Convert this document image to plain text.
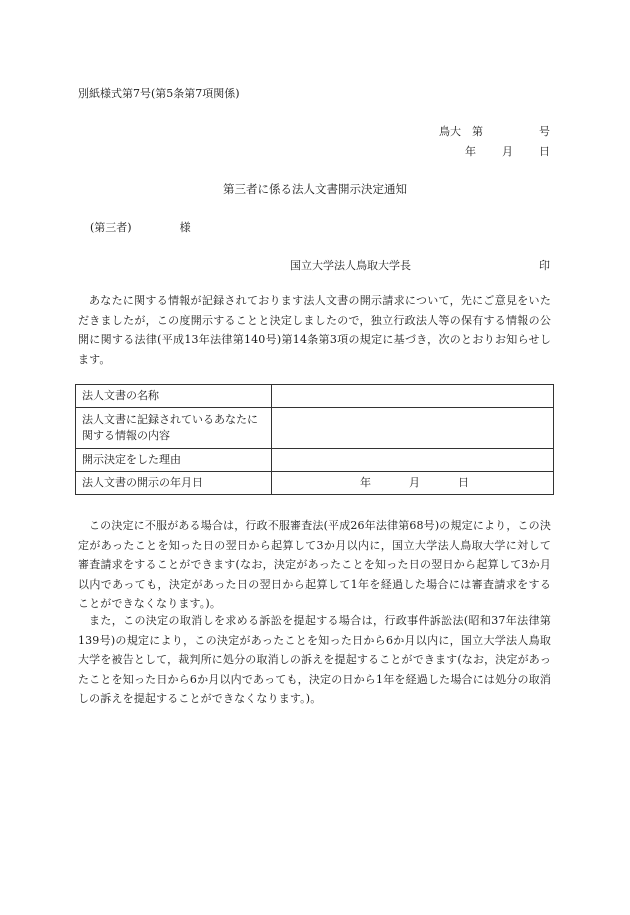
別紙様式第7号(第5条第7項関係)
鳥大　第	号
年 月 日
第三者に係る法人文書開示決定通知
(第三者)	様
国立大学法人鳥取大学長	印
あなたに関する情報が記録されております法人文書の開示請求について，先にご意見をいただきましたが，この度開示することと決定しましたので，独立行政法人等の保有する情報の公開に関する法律(平成13年法律第140号)第14条第3項の規定に基づき，次のとおりお知らせします。
法人文書の名称	
法人文書に記録されているあなたに関する情報の内容	
開示決定をした理由	
法人文書の開示の年月日	年 月 日
この決定に不服がある場合は，行政不服審査法(平成26年法律第68号)の規定により，この決定があったことを知った日の翌日から起算して3か月以内に，国立大学法人鳥取大学に対して審査請求をすることができます(なお，決定があったことを知った日の翌日から起算して3か月以内であっても，決定があった日の翌日から起算して1年を経過した場合には審査請求をすることができなくなります。)。
また，この決定の取消しを求める訴訟を提起する場合は，行政事件訴訟法(昭和37年法律第139号)の規定により，この決定があったことを知った日から6か月以内に，国立大学法人鳥取大学を被告として，裁判所に処分の取消しの訴えを提起することができます(なお，決定があったことを知った日から6か月以内であっても，決定の日から1年を経過した場合には処分の取消しの訴えを提起することができなくなります。)。
